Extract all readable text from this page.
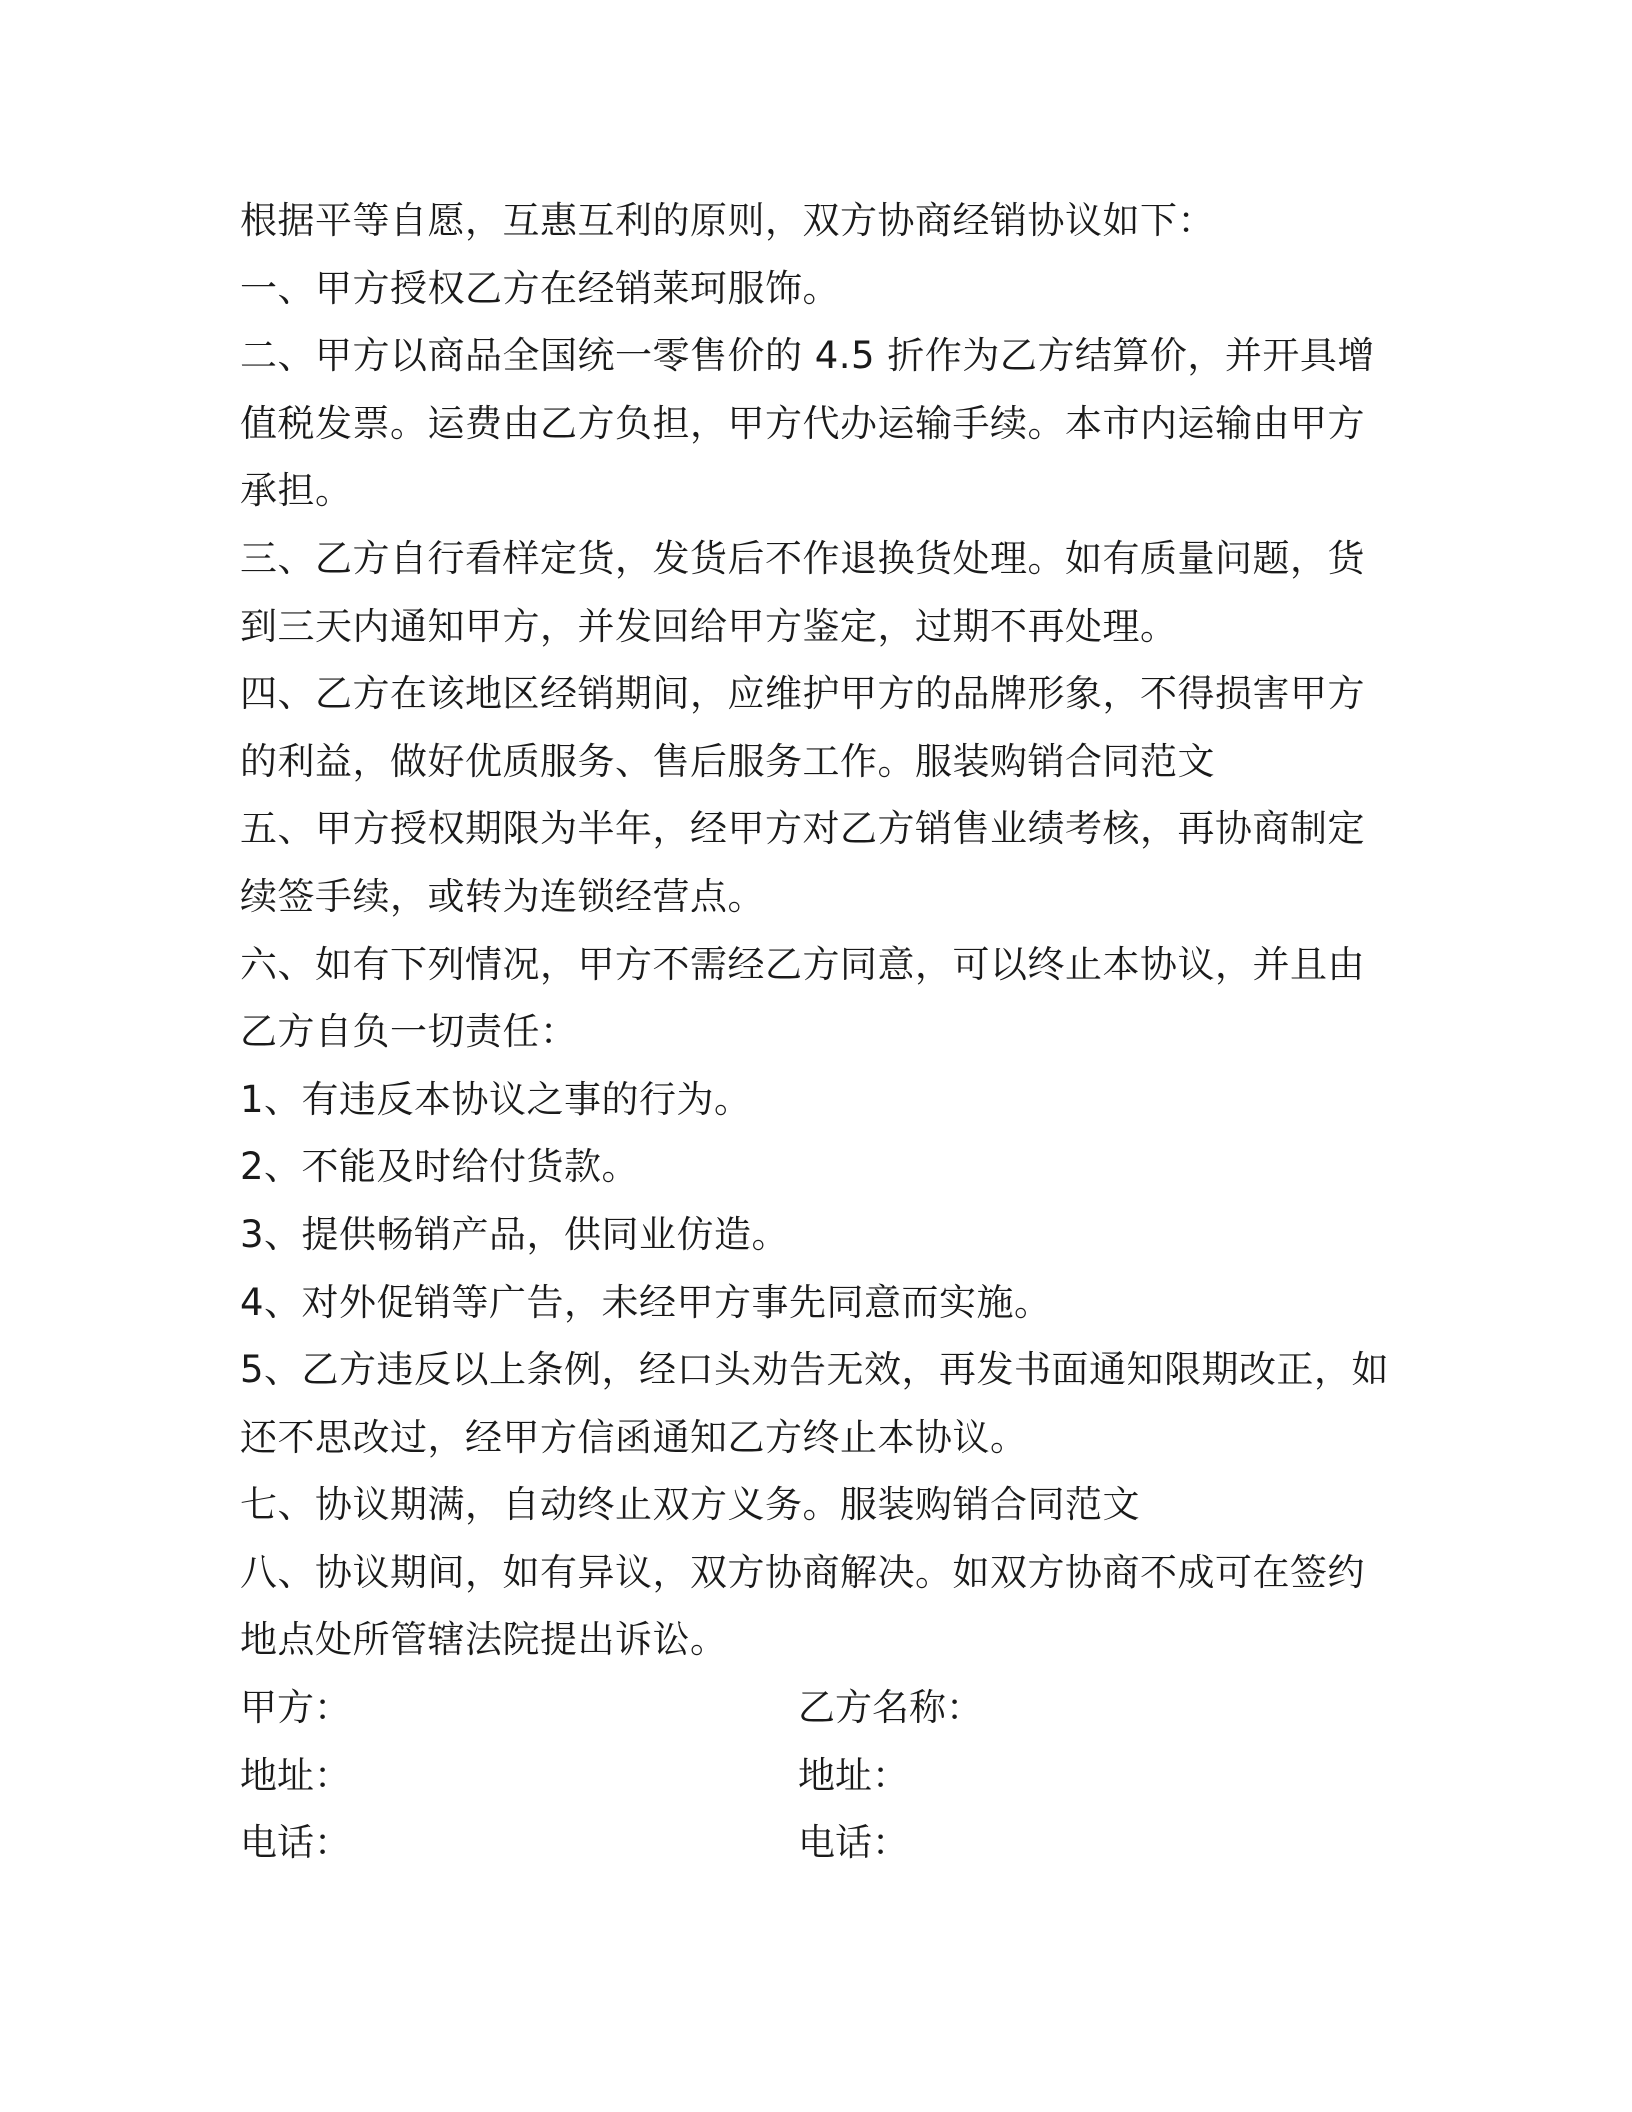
根据平等自愿，互惠互利的原则，双方协商经销协议如下：
一、甲方授权乙方在经销莱珂服饰。
二、甲方以商品全国统一零售价的 4.5 折作为乙方结算价，并开具增
值税发票。运费由乙方负担，甲方代办运输手续。本市内运输由甲方
承担。
三、乙方自行看样定货，发货后不作退换货处理。如有质量问题，货
到三天内通知甲方，并发回给甲方鉴定，过期不再处理。
四、乙方在该地区经销期间，应维护甲方的品牌形象，不得损害甲方
的利益，做好优质服务、售后服务工作。服装购销合同范文
五、甲方授权期限为半年，经甲方对乙方销售业绩考核，再协商制定
续签手续，或转为连锁经营点。
六、如有下列情况，甲方不需经乙方同意，可以终止本协议，并且由
乙方自负一切责任：
1、有违反本协议之事的行为。
2、不能及时给付货款。
3、提供畅销产品，供同业仿造。
4、对外促销等广告，未经甲方事先同意而实施。
5、乙方违反以上条例，经口头劝告无效，再发书面通知限期改正，如
还不思改过，经甲方信函通知乙方终止本协议。
七、协议期满，自动终止双方义务。服装购销合同范文
八、协议期间，如有异议，双方协商解决。如双方协商不成可在签约
地点处所管辖法院提出诉讼。
甲方：	乙方名称：
地址：	地址：
电话：	电话：
